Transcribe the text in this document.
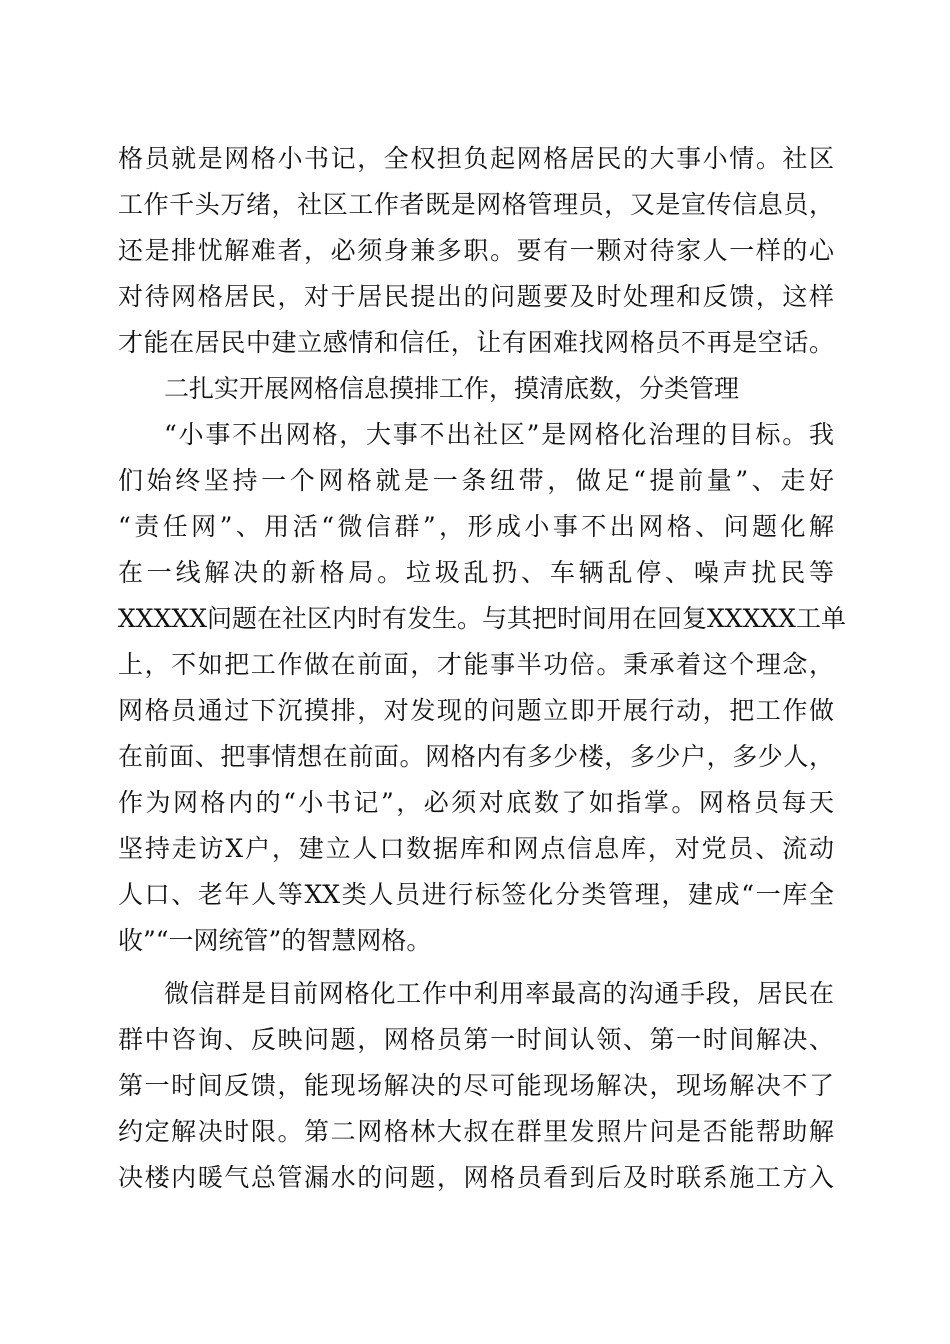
格员就是网格小书记，全权担负起网格居民的大事小情。社区
工作千头万绪，社区工作者既是网格管理员，又是宣传信息员，
还是排忧解难者，必须身兼多职。要有一颗对待家人一样的心
对待网格居民，对于居民提出的问题要及时处理和反馈，这样
才能在居民中建立感情和信任，让有困难找网格员不再是空话。
二扎实开展网格信息摸排工作，摸清底数，分类管理
“小事不出网格，大事不出社区”是网格化治理的目标。我
们始终坚持一个网格就是一条纽带，做足“提前量”、走好
“责任网”、用活“微信群”，形成小事不出网格、问题化解
在一线解决的新格局。垃圾乱扔、车辆乱停、噪声扰民等
XXXXX问题在社区内时有发生。与其把时间用在回复XXXXX工单
上，不如把工作做在前面，才能事半功倍。秉承着这个理念，
网格员通过下沉摸排，对发现的问题立即开展行动，把工作做
在前面、把事情想在前面。网格内有多少楼，多少户，多少人，
作为网格内的“小书记”，必须对底数了如指掌。网格员每天
坚持走访X户，建立人口数据库和网点信息库，对党员、流动
人口、老年人等XX类人员进行标签化分类管理，建成“一库全
收”“一网统管”的智慧网格。
微信群是目前网格化工作中利用率最高的沟通手段，居民在
群中咨询、反映问题，网格员第一时间认领、第一时间解决、
第一时间反馈，能现场解决的尽可能现场解决，现场解决不了
约定解决时限。第二网格林大叔在群里发照片问是否能帮助解
决楼内暖气总管漏水的问题，网格员看到后及时联系施工方入
